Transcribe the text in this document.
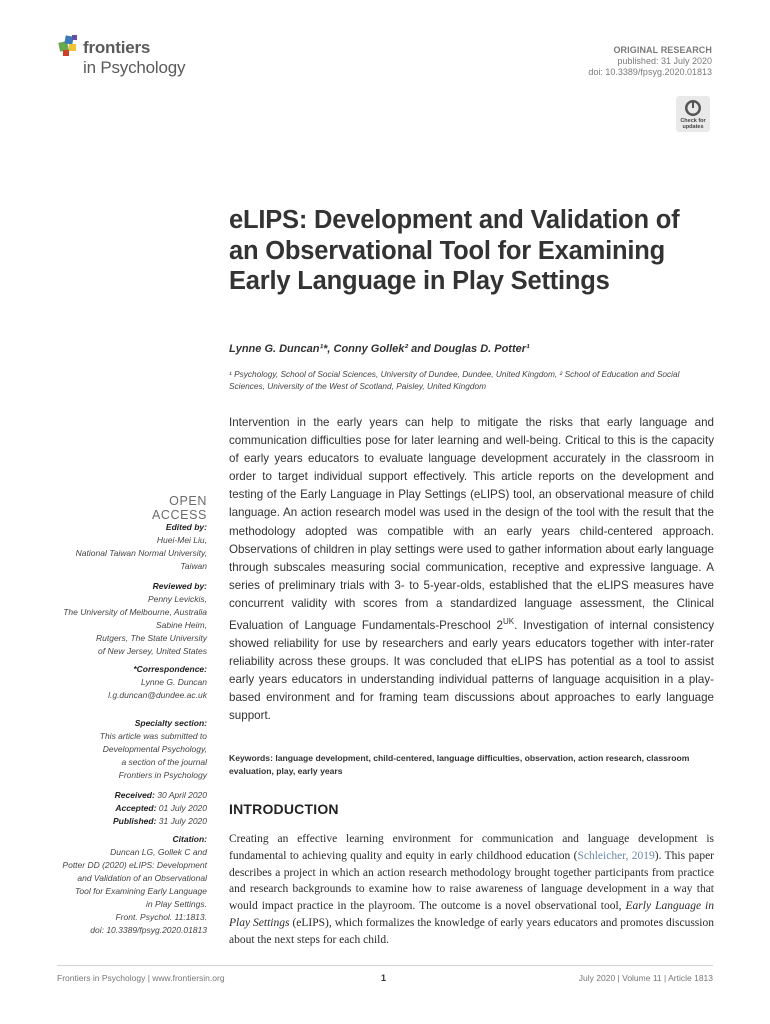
frontiers
in Psychology
ORIGINAL RESEARCH
published: 31 July 2020
doi: 10.3389/fpsyg.2020.01813
Check for
updates
eLIPS: Development and Validation of an Observational Tool for Examining Early Language in Play Settings
Lynne G. Duncan¹*, Conny Gollek² and Douglas D. Potter¹
¹ Psychology, School of Social Sciences, University of Dundee, Dundee, United Kingdom, ² School of Education and Social Sciences, University of the West of Scotland, Paisley, United Kingdom
Intervention in the early years can help to mitigate the risks that early language and communication difficulties pose for later learning and well-being. Critical to this is the capacity of early years educators to evaluate language development accurately in the classroom in order to target individual support effectively. This article reports on the development and testing of the Early Language in Play Settings (eLIPS) tool, an observational measure of child language. An action research model was used in the design of the tool with the result that the methodology adopted was compatible with an early years child-centered approach. Observations of children in play settings were used to gather information about early language through subscales measuring social communication, receptive and expressive language. A series of preliminary trials with 3- to 5-year-olds, established that the eLIPS measures have concurrent validity with scores from a standardized language assessment, the Clinical Evaluation of Language Fundamentals-Preschool $2^{UK}$. Investigation of internal consistency showed reliability for use by researchers and early years educators together with inter-rater reliability across these groups. It was concluded that eLIPS has potential as a tool to assist early years educators in understanding individual patterns of language acquisition in a play-based environment and for framing team discussions about approaches to early language support.
Keywords: language development, child-centered, language difficulties, observation, action research, classroom evaluation, play, early years
INTRODUCTION
Creating an effective learning environment for communication and language development is fundamental to achieving quality and equity in early childhood education (Schleicher, 2019). This paper describes a project in which an action research methodology brought together participants from practice and research backgrounds to examine how to raise awareness of language development in a way that would impact practice in the playroom. The outcome is a novel observational tool, Early Language in Play Settings (eLIPS), which formalizes the knowledge of early years educators and promotes discussion about the next steps for each child.
OPEN ACCESS
Edited by:
Huei-Mei Liu,
National Taiwan Normal University,
Taiwan
Reviewed by:
Penny Levickis,
The University of Melbourne, Australia
Sabine Heim,
Rutgers, The State University
of New Jersey, United States
*Correspondence:
Lynne G. Duncan
l.g.duncan@dundee.ac.uk
Specialty section:
This article was submitted to
Developmental Psychology,
a section of the journal
Frontiers in Psychology
Received: 30 April 2020
Accepted: 01 July 2020
Published: 31 July 2020
Citation:
Duncan LG, Gollek C and
Potter DD (2020) eLIPS: Development
and Validation of an Observational
Tool for Examining Early Language
in Play Settings.
Front. Psychol. 11:1813.
doi: 10.3389/fpsyg.2020.01813
Frontiers in Psychology | www.frontiersin.org	1	July 2020 | Volume 11 | Article 1813
